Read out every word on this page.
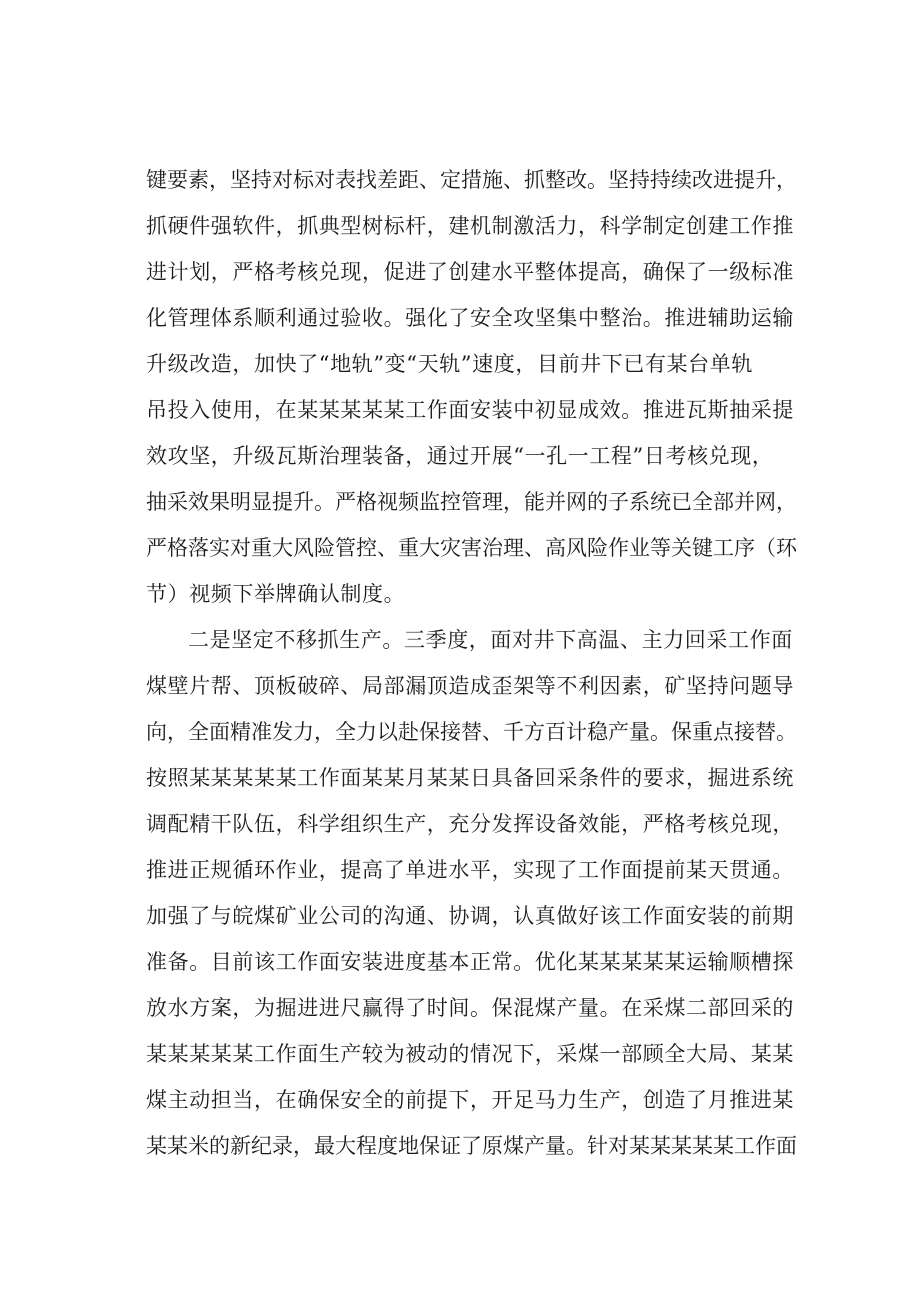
键要素，坚持对标对表找差距、定措施、抓整改。坚持持续改进提升，
抓硬件强软件，抓典型树标杆，建机制激活力，科学制定创建工作推
进计划，严格考核兑现，促进了创建水平整体提高，确保了一级标准
化管理体系顺利通过验收。强化了安全攻坚集中整治。推进辅助运输
升级改造，加快了“地轨”变“天轨”速度，目前井下已有某台单轨
吊投入使用，在某某某某某工作面安装中初显成效。推进瓦斯抽采提
效攻坚，升级瓦斯治理装备，通过开展“一孔一工程”日考核兑现，
抽采效果明显提升。严格视频监控管理，能并网的子系统已全部并网，
严格落实对重大风险管控、重大灾害治理、高风险作业等关键工序（环
节）视频下举牌确认制度。
二是坚定不移抓生产。三季度，面对井下高温、主力回采工作面
煤壁片帮、顶板破碎、局部漏顶造成歪架等不利因素，矿坚持问题导
向，全面精准发力，全力以赴保接替、千方百计稳产量。保重点接替。
按照某某某某某工作面某某月某某日具备回采条件的要求，掘进系统
调配精干队伍，科学组织生产，充分发挥设备效能，严格考核兑现，
推进正规循环作业，提高了单进水平，实现了工作面提前某天贯通。
加强了与皖煤矿业公司的沟通、协调，认真做好该工作面安装的前期
准备。目前该工作面安装进度基本正常。优化某某某某某运输顺槽探
放水方案，为掘进进尺赢得了时间。保混煤产量。在采煤二部回采的
某某某某某工作面生产较为被动的情况下，采煤一部顾全大局、某某
煤主动担当，在确保安全的前提下，开足马力生产，创造了月推进某
某某米的新纪录，最大程度地保证了原煤产量。针对某某某某某工作面
